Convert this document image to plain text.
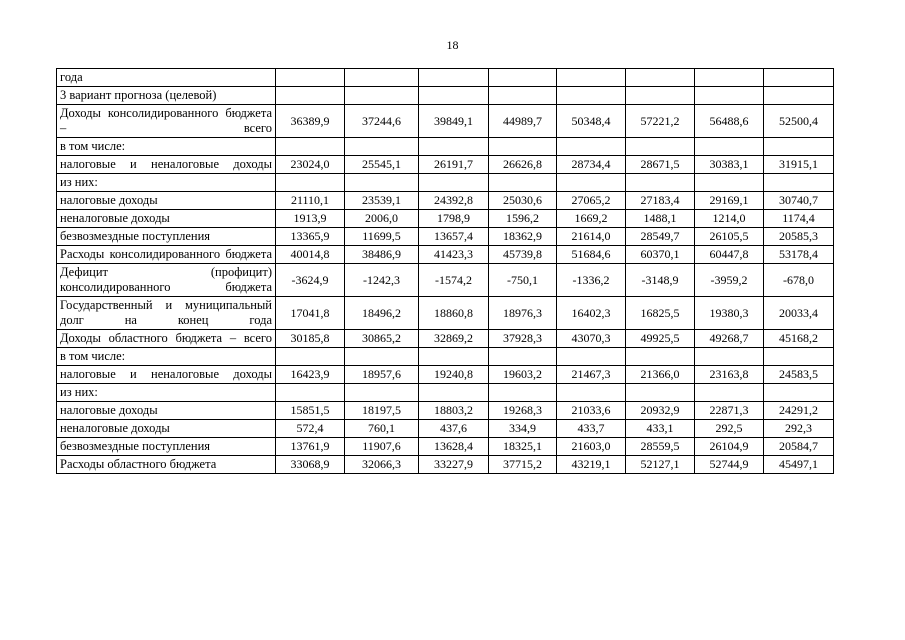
18
года								
3 вариант прогноза (целевой)								
Доходы консолидированного бюджета – всего	36389,9	37244,6	39849,1	44989,7	50348,4	57221,2	56488,6	52500,4
в том числе:								
налоговые и неналоговые доходы	23024,0	25545,1	26191,7	26626,8	28734,4	28671,5	30383,1	31915,1
из них:								
налоговые доходы	21110,1	23539,1	24392,8	25030,6	27065,2	27183,4	29169,1	30740,7
неналоговые доходы	1913,9	2006,0	1798,9	1596,2	1669,2	1488,1	1214,0	1174,4
безвозмездные поступления	13365,9	11699,5	13657,4	18362,9	21614,0	28549,7	26105,5	20585,3
Расходы консолидированного бюджета	40014,8	38486,9	41423,3	45739,8	51684,6	60370,1	60447,8	53178,4
Дефицит (профицит) консолидированного бюджета	-3624,9	-1242,3	-1574,2	-750,1	-1336,2	-3148,9	-3959,2	-678,0
Государственный и муниципальный долг на конец года	17041,8	18496,2	18860,8	18976,3	16402,3	16825,5	19380,3	20033,4
Доходы областного бюджета – всего	30185,8	30865,2	32869,2	37928,3	43070,3	49925,5	49268,7	45168,2
в том числе:								
налоговые и неналоговые доходы	16423,9	18957,6	19240,8	19603,2	21467,3	21366,0	23163,8	24583,5
из них:								
налоговые доходы	15851,5	18197,5	18803,2	19268,3	21033,6	20932,9	22871,3	24291,2
неналоговые доходы	572,4	760,1	437,6	334,9	433,7	433,1	292,5	292,3
безвозмездные поступления	13761,9	11907,6	13628,4	18325,1	21603,0	28559,5	26104,9	20584,7
Расходы областного бюджета	33068,9	32066,3	33227,9	37715,2	43219,1	52127,1	52744,9	45497,1
